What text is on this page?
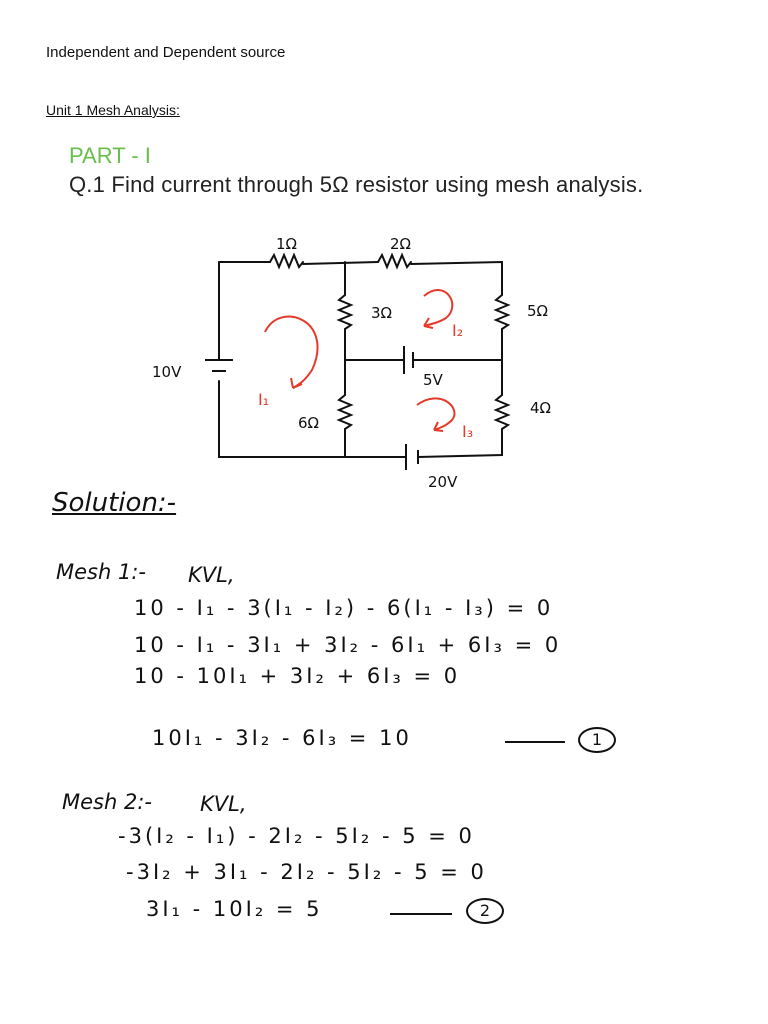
Independent and Dependent source
Unit 1 Mesh Analysis:
PART - I
Q.1 Find current through 5Ω resistor using mesh analysis.
1Ω	2Ω
3Ω	5Ω
6Ω
4Ω
10V	5V
20V
I₁
I₂
I₃
Solution:-
Mesh 1:- KVL,
10 - I₁ - 3(I₁ - I₂) - 6(I₁ - I₃) = 0
10 - I₁ - 3I₁ + 3I₂ - 6I₁ + 6I₃ = 0
10 - 10I₁ + 3I₂ + 6I₃ = 0
10I₁ - 3I₂ - 6I₃ = 10	1
Mesh 2:- KVL,
-3(I₂ - I₁) - 2I₂ - 5I₂ - 5 = 0
-3I₂ + 3I₁ - 2I₂ - 5I₂ - 5 = 0
3I₁ - 10I₂ = 5	2
